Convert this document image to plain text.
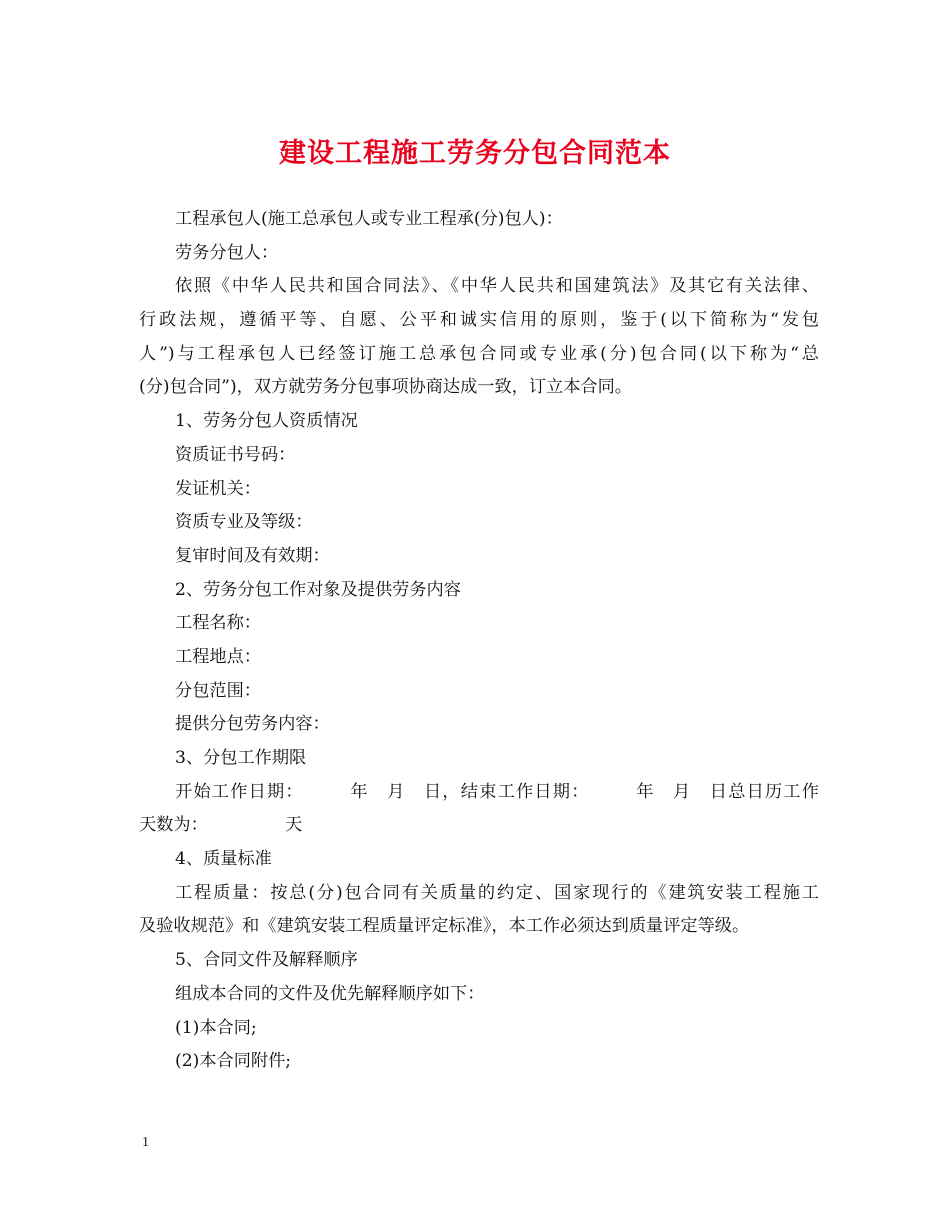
建设工程施工劳务分包合同范本
工程承包人(施工总承包人或专业工程承(分)包人)：
劳务分包人：
依照《中华人民共和国合同法》、《中华人民共和国建筑法》及其它有关法律、
行政法规，遵循平等、自愿、公平和诚实信用的原则，鉴于(以下简称为“发包
人”)与工程承包人已经签订施工总承包合同或专业承(分)包合同(以下称为“总
(分)包合同”)，双方就劳务分包事项协商达成一致，订立本合同。
1、劳务分包人资质情况
资质证书号码：
发证机关：
资质专业及等级：
复审时间及有效期：
2、劳务分包工作对象及提供劳务内容
工程名称：
工程地点：
分包范围：
提供分包劳务内容：
3、分包工作期限
开始工作日期：　　　年　月　日，结束工作日期：　　　年　月　日总日历工作
天数为：　　　　　天
4、质量标准
工程质量：按总(分)包合同有关质量的约定、国家现行的《建筑安装工程施工
及验收规范》和《建筑安装工程质量评定标准》，本工作必须达到质量评定等级。
5、合同文件及解释顺序
组成本合同的文件及优先解释顺序如下：
(1)本合同;
(2)本合同附件;
1
